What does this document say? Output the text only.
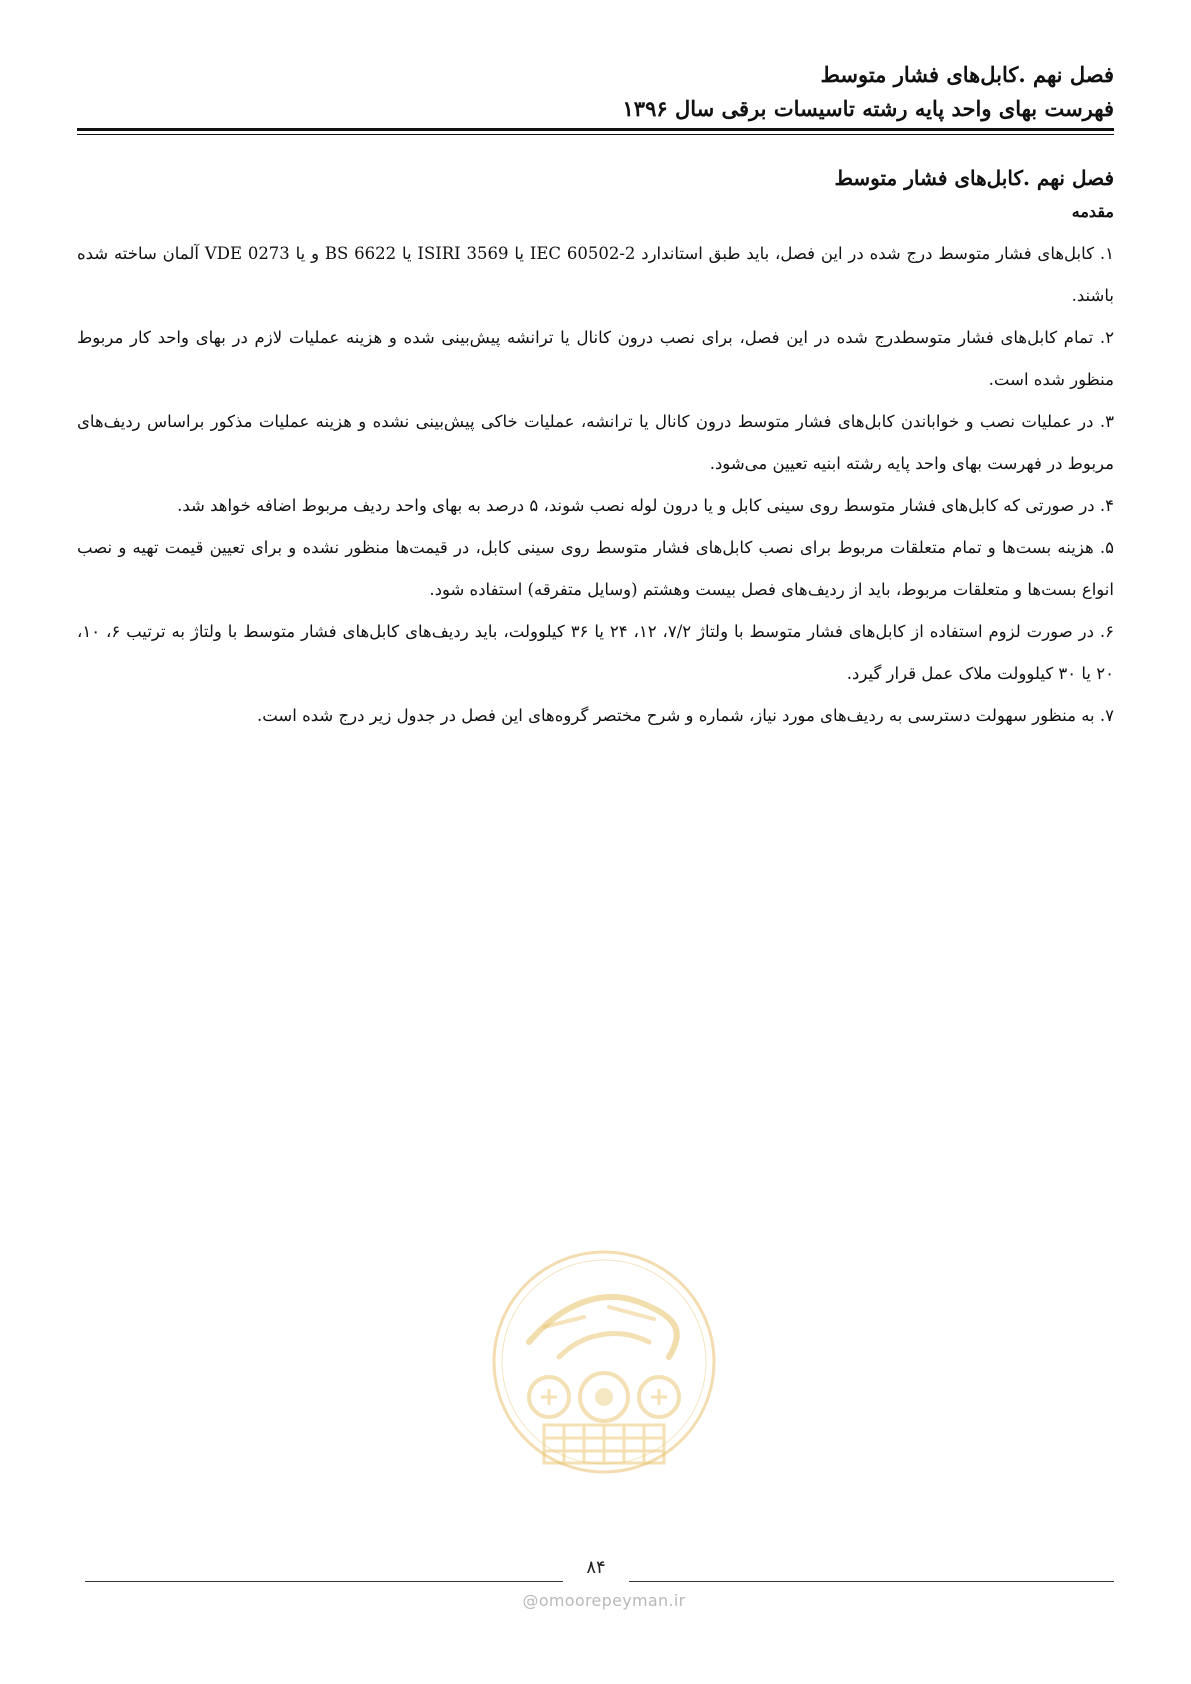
فصل نهم .کابل‌های فشار متوسط
فهرست بهای واحد پایه رشته تاسیسات برقی سال ۱۳۹۶
فصل نهم .کابل‌های فشار متوسط
مقدمه

۱. کابل‌های فشار متوسط درج شده در این فصل، باید طبق استاندارد IEC 60502-2 یا ISIRI 3569 یا BS 6622 و یا VDE 0273 آلمان ساخته شده باشند.

۲. تمام کابل‌های فشار متوسطدرج شده در این فصل، برای نصب درون کانال یا ترانشه پیش‌بینی شده و هزینه عملیات لازم در بهای واحد کار مربوط منظور شده است.

۳. در عملیات نصب و خواباندن کابل‌های فشار متوسط درون کانال یا ترانشه، عملیات خاکی پیش‌بینی نشده و هزینه عملیات مذکور براساس ردیف‌های مربوط در فهرست بهای واحد پایه رشته ابنیه تعیین می‌شود.

۴. در صورتی که کابل‌های فشار متوسط روی سینی کابل و یا درون لوله نصب شوند، ۵ درصد به بهای واحد ردیف مربوط اضافه خواهد شد.

۵. هزینه بست‌ها و تمام متعلقات مربوط برای نصب کابل‌های فشار متوسط روی سینی کابل، در قیمت‌ها منظور نشده و برای تعیین قیمت تهیه و نصب انواع بست‌ها و متعلقات مربوط، باید از ردیف‌های فصل بیست وهشتم (وسایل متفرقه) استفاده شود.

۶. در صورت لزوم استفاده از کابل‌های فشار متوسط با ولتاژ ۷/۲، ۱۲، ۲۴ یا ۳۶ کیلوولت، باید ردیف‌های کابل‌های فشار متوسط با ولتاژ به ترتیب ۶، ۱۰، ۲۰ یا ۳۰ کیلوولت ملاک عمل قرار گیرد.

۷. به منظور سهولت دسترسی به ردیف‌های مورد نیاز، شماره و شرح مختصر گروه‌های این فصل در جدول زیر درج شده است.

۸۴
@omoorepeyman.ir
